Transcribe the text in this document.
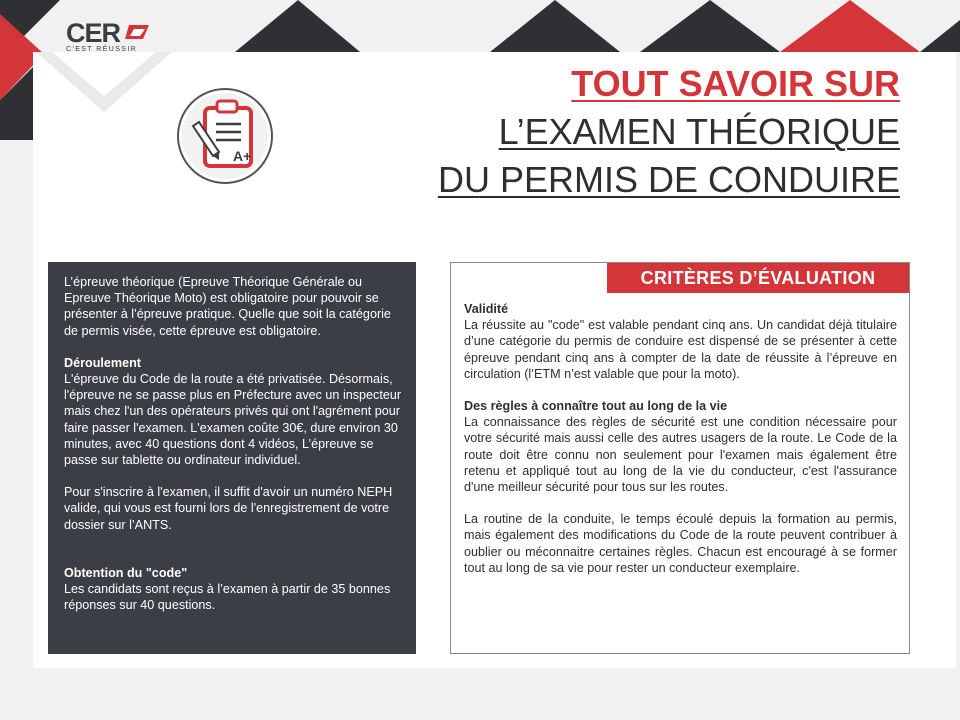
CER
C'EST RÉUSSIR
A+
TOUT SAVOIR SUR
L’EXAMEN THÉORIQUE
DU PERMIS DE CONDUIRE

L’épreuve théorique (Epreuve Théorique Générale ou Epreuve Théorique Moto) est obligatoire pour pouvoir se présenter à l’épreuve pratique. Quelle que soit la catégorie de permis visée, cette épreuve est obligatoire.

Déroulement

L'épreuve du Code de la route a été privatisée. Désormais, l'épreuve ne se passe plus en Préfecture avec un inspecteur mais chez l'un des opérateurs privés qui ont l'agrément pour faire passer l'examen. L'examen coûte 30€, dure environ 30 minutes, avec 40 questions dont 4 vidéos, L’épreuve se passe sur tablette ou ordinateur individuel.

Pour s'inscrire à l'examen, il suffit d'avoir un numéro NEPH valide, qui vous est fourni lors de l'enregistrement de votre dossier sur l’ANTS.

Obtention du "code"

Les candidats sont reçus à l’examen à partir de 35 bonnes réponses sur 40 questions.

CRITÈRES D’ÉVALUATION

Validité

La réussite au "code" est valable pendant cinq ans. Un candidat déjà titulaire d’une catégorie du permis de conduire est dispensé de se présenter à cette épreuve pendant cinq ans à compter de la date de réussite à l’épreuve en circulation (l’ETM n’est valable que pour la moto).

Des règles à connaître tout au long de la vie

La connaissance des règles de sécurité est une condition nécessaire pour votre sécurité mais aussi celle des autres usagers de la route. Le Code de la route doit être connu non seulement pour l'examen mais également être retenu et appliqué tout au long de la vie du conducteur, c'est l'assurance d'une meilleur sécurité pour tous sur les routes.

La routine de la conduite, le temps écoulé depuis la formation au permis, mais également des modifications du Code de la route peuvent contribuer à oublier ou méconnaitre certaines règles. Chacun est encouragé à se former tout au long de sa vie pour rester un conducteur exemplaire.
